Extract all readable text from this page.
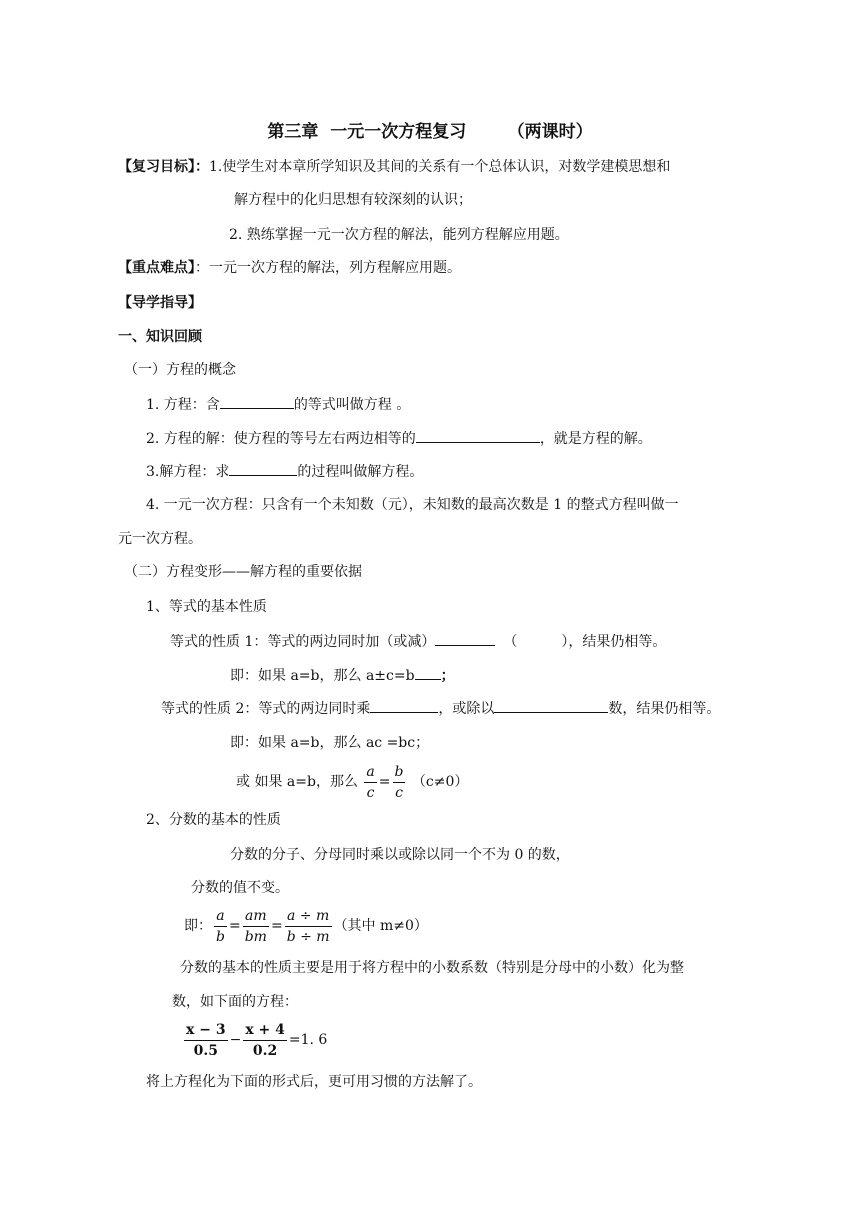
第三章  一元一次方程复习       （两课时）
【复习目标】：1.使学生对本章所学知识及其间的关系有一个总体认识，对数学建模思想和
解方程中的化归思想有较深刻的认识；
2. 熟练掌握一元一次方程的解法，能列方程解应用题。
【重点难点】：一元一次方程的解法，列方程解应用题。
【导学指导】
一、知识回顾
（一）方程的概念
1. 方程：含	的等式叫做方程 。
2. 方程的解：使方程的等号左右两边相等的	，就是方程的解。
3.解方程：求	的过程叫做解方程。
4. 一元一次方程：只含有一个未知数（元），未知数的最高次数是 1 的整式方程叫做一
元一次方程。
（二）方程变形——解方程的重要依据
1、等式的基本性质
等式的性质 1：等式的两边同时加（或减）	（	），结果仍相等。
即：如果 a=b，那么 a±c=b ；
等式的性质 2：等式的两边同时乘	，或除以	数，结果仍相等。
即：如果 a=b，那么 ac =bc；
或 如果 a=b，那么 $\frac{a}{c} = \frac{b}{c} (c\ne 0)$
2、分数的基本的性质
分数的分子、分母同时乘以或除以同一个不为 0 的数，
分数的值不变。
即： $\frac{a}{b} = \frac{am}{bm} = \frac{a \div m}{b \div m}$ （其中 m≠0）
分数的基本的性质主要是用于将方程中的小数系数（特别是分母中的小数）化为整
数，如下面的方程：
$\frac{x - 3}{0.5} - \frac{x + 4}{0.2} =1$. 6
将上方程化为下面的形式后，更可用习惯的方法解了。
